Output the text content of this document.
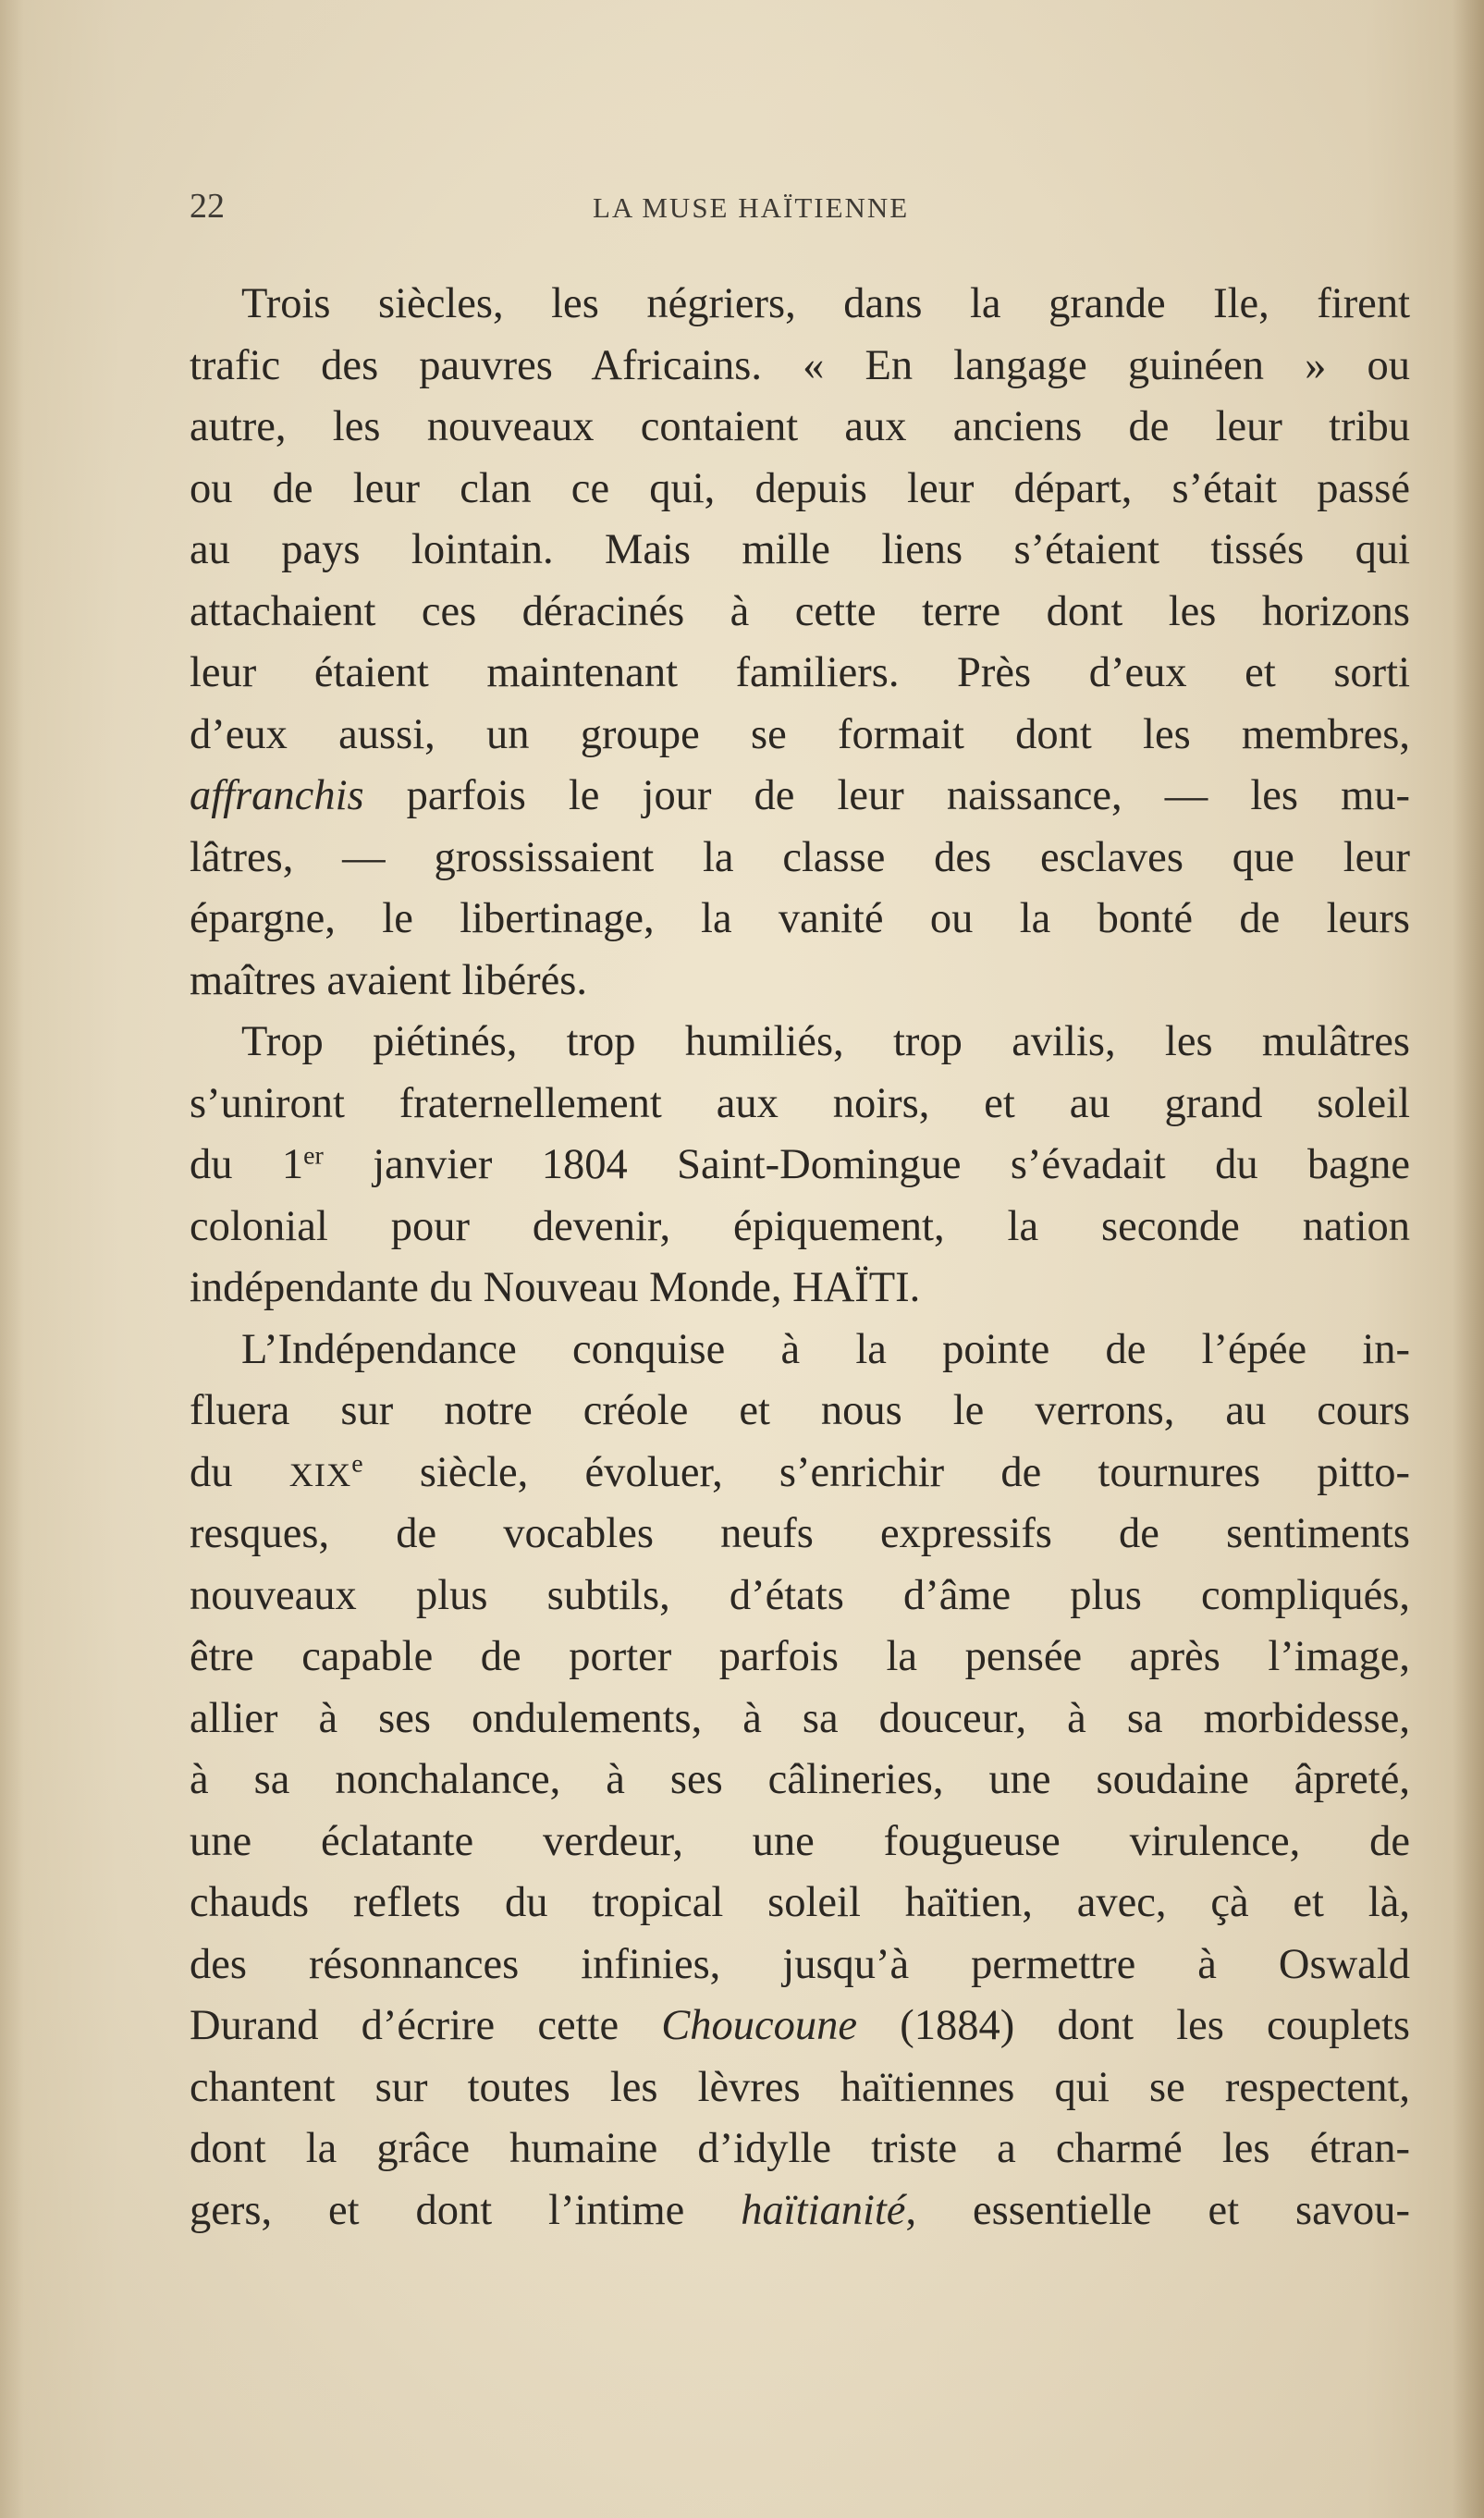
22	LA MUSE HAÏTIENNE
Trois siècles, les négriers, dans la grande Ile, firent
trafic des pauvres Africains. « En langage guinéen » ou
autre, les nouveaux contaient aux anciens de leur tribu
ou de leur clan ce qui, depuis leur départ, s’était passé
au pays lointain. Mais mille liens s’étaient tissés qui
attachaient ces déracinés à cette terre dont les horizons
leur étaient maintenant familiers. Près d’eux et sorti
d’eux aussi, un groupe se formait dont les membres,
affranchis parfois le jour de leur naissance, — les mu-
lâtres, — grossissaient la classe des esclaves que leur
épargne, le libertinage, la vanité ou la bonté de leurs
maîtres avaient libérés.
Trop piétinés, trop humiliés, trop avilis, les mulâtres
s’uniront fraternellement aux noirs, et au grand soleil
du 1er janvier 1804 Saint-Domingue s’évadait du bagne
colonial pour devenir, épiquement, la seconde nation
indépendante du Nouveau Monde, HAÏTI.
L’Indépendance conquise à la pointe de l’épée in-
fluera sur notre créole et nous le verrons, au cours
du XIXe siècle, évoluer, s’enrichir de tournures pitto-
resques, de vocables neufs expressifs de sentiments
nouveaux plus subtils, d’états d’âme plus compliqués,
être capable de porter parfois la pensée après l’image,
allier à ses ondulements, à sa douceur, à sa morbidesse,
à sa nonchalance, à ses câlineries, une soudaine âpreté,
une éclatante verdeur, une fougueuse virulence, de
chauds reflets du tropical soleil haïtien, avec, çà et là,
des résonnances infinies, jusqu’à permettre à Oswald
Durand d’écrire cette Choucoune (1884) dont les couplets
chantent sur toutes les lèvres haïtiennes qui se respectent,
dont la grâce humaine d’idylle triste a charmé les étran-
gers, et dont l’intime haïtianité, essentielle et savou-
